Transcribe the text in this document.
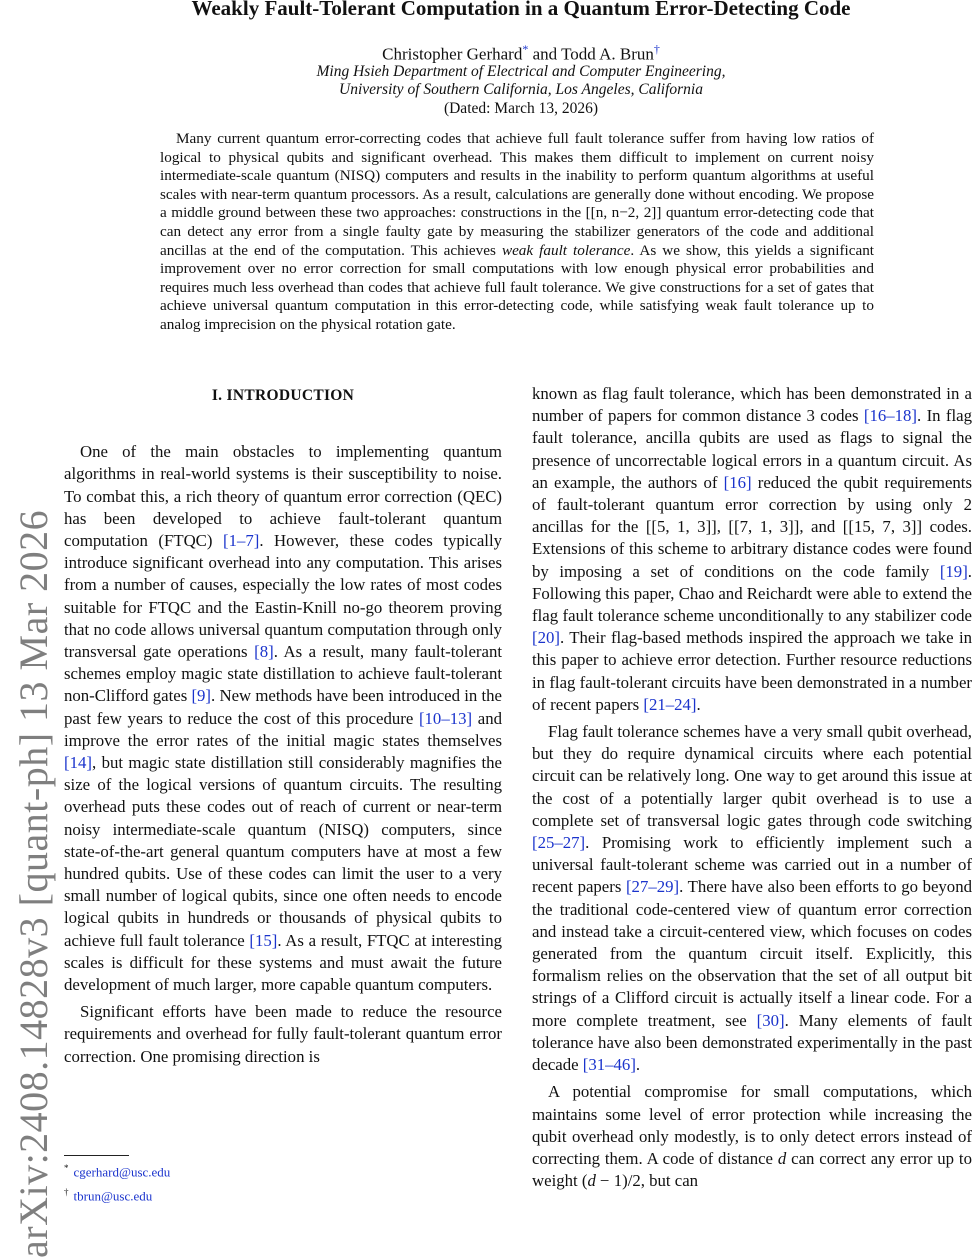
arXiv:2408.14828v3 [quant-ph] 13 Mar 2026
Weakly Fault-Tolerant Computation in a Quantum Error-Detecting Code
Christopher Gerhard* and Todd A. Brun†
Ming Hsieh Department of Electrical and Computer Engineering,
University of Southern California, Los Angeles, California
(Dated: March 13, 2026)

Many current quantum error-correcting codes that achieve full fault tolerance suffer from having low ratios of logical to physical qubits and significant overhead. This makes them difficult to implement on current noisy intermediate-scale quantum (NISQ) computers and results in the inability to perform quantum algorithms at useful scales with near-term quantum processors. As a result, calculations are generally done without encoding. We propose a middle ground between these two approaches: constructions in the [[n, n−2, 2]] quantum error-detecting code that can detect any error from a single faulty gate by measuring the stabilizer generators of the code and additional ancillas at the end of the computation. This achieves weak fault tolerance. As we show, this yields a significant improvement over no error correction for small computations with low enough physical error probabilities and requires much less overhead than codes that achieve full fault tolerance. We give constructions for a set of gates that achieve universal quantum computation in this error-detecting code, while satisfying weak fault tolerance up to analog imprecision on the physical rotation gate.

I. INTRODUCTION

One of the main obstacles to implementing quantum algorithms in real-world systems is their susceptibility to noise. To combat this, a rich theory of quantum error correction (QEC) has been developed to achieve fault-tolerant quantum computation (FTQC) [1–7]. However, these codes typically introduce significant overhead into any computation. This arises from a number of causes, especially the low rates of most codes suitable for FTQC and the Eastin-Knill no-go theorem proving that no code allows universal quantum computation through only transversal gate operations [8]. As a result, many fault-tolerant schemes employ magic state distillation to achieve fault-tolerant non-Clifford gates [9]. New methods have been introduced in the past few years to reduce the cost of this procedure [10–13] and improve the error rates of the initial magic states themselves [14], but magic state distillation still considerably magnifies the size of the logical versions of quantum circuits. The resulting overhead puts these codes out of reach of current or near-term noisy intermediate-scale quantum (NISQ) computers, since state-of-the-art general quantum computers have at most a few hundred qubits. Use of these codes can limit the user to a very small number of logical qubits, since one often needs to encode logical qubits in hundreds or thousands of physical qubits to achieve full fault tolerance [15]. As a result, FTQC at interesting scales is difficult for these systems and must await the future development of much larger, more capable quantum computers.

Significant efforts have been made to reduce the resource requirements and overhead for fully fault-tolerant quantum error correction. One promising direction is

known as flag fault tolerance, which has been demonstrated in a number of papers for common distance 3 codes [16–18]. In flag fault tolerance, ancilla qubits are used as flags to signal the presence of uncorrectable logical errors in a quantum circuit. As an example, the authors of [16] reduced the qubit requirements of fault-tolerant quantum error correction by using only 2 ancillas for the [[5, 1, 3]], [[7, 1, 3]], and [[15, 7, 3]] codes. Extensions of this scheme to arbitrary distance codes were found by imposing a set of conditions on the code family [19]. Following this paper, Chao and Reichardt were able to extend the flag fault tolerance scheme unconditionally to any stabilizer code [20]. Their flag-based methods inspired the approach we take in this paper to achieve error detection. Further resource reductions in flag fault-tolerant circuits have been demonstrated in a number of recent papers [21–24].

Flag fault tolerance schemes have a very small qubit overhead, but they do require dynamical circuits where each potential circuit can be relatively long. One way to get around this issue at the cost of a potentially larger qubit overhead is to use a complete set of transversal logic gates through code switching [25–27]. Promising work to efficiently implement such a universal fault-tolerant scheme was carried out in a number of recent papers [27–29]. There have also been efforts to go beyond the traditional code-centered view of quantum error correction and instead take a circuit-centered view, which focuses on codes generated from the quantum circuit itself. Explicitly, this formalism relies on the observation that the set of all output bit strings of a Clifford circuit is actually itself a linear code. For a more complete treatment, see [30]. Many elements of fault tolerance have also been demonstrated experimentally in the past decade [31–46].

A potential compromise for small computations, which maintains some level of error protection while increasing the qubit overhead only modestly, is to only detect errors instead of correcting them. A code of distance d can correct any error up to weight (d − 1)/2, but can

* cgerhard@usc.edu
† tbrun@usc.edu
